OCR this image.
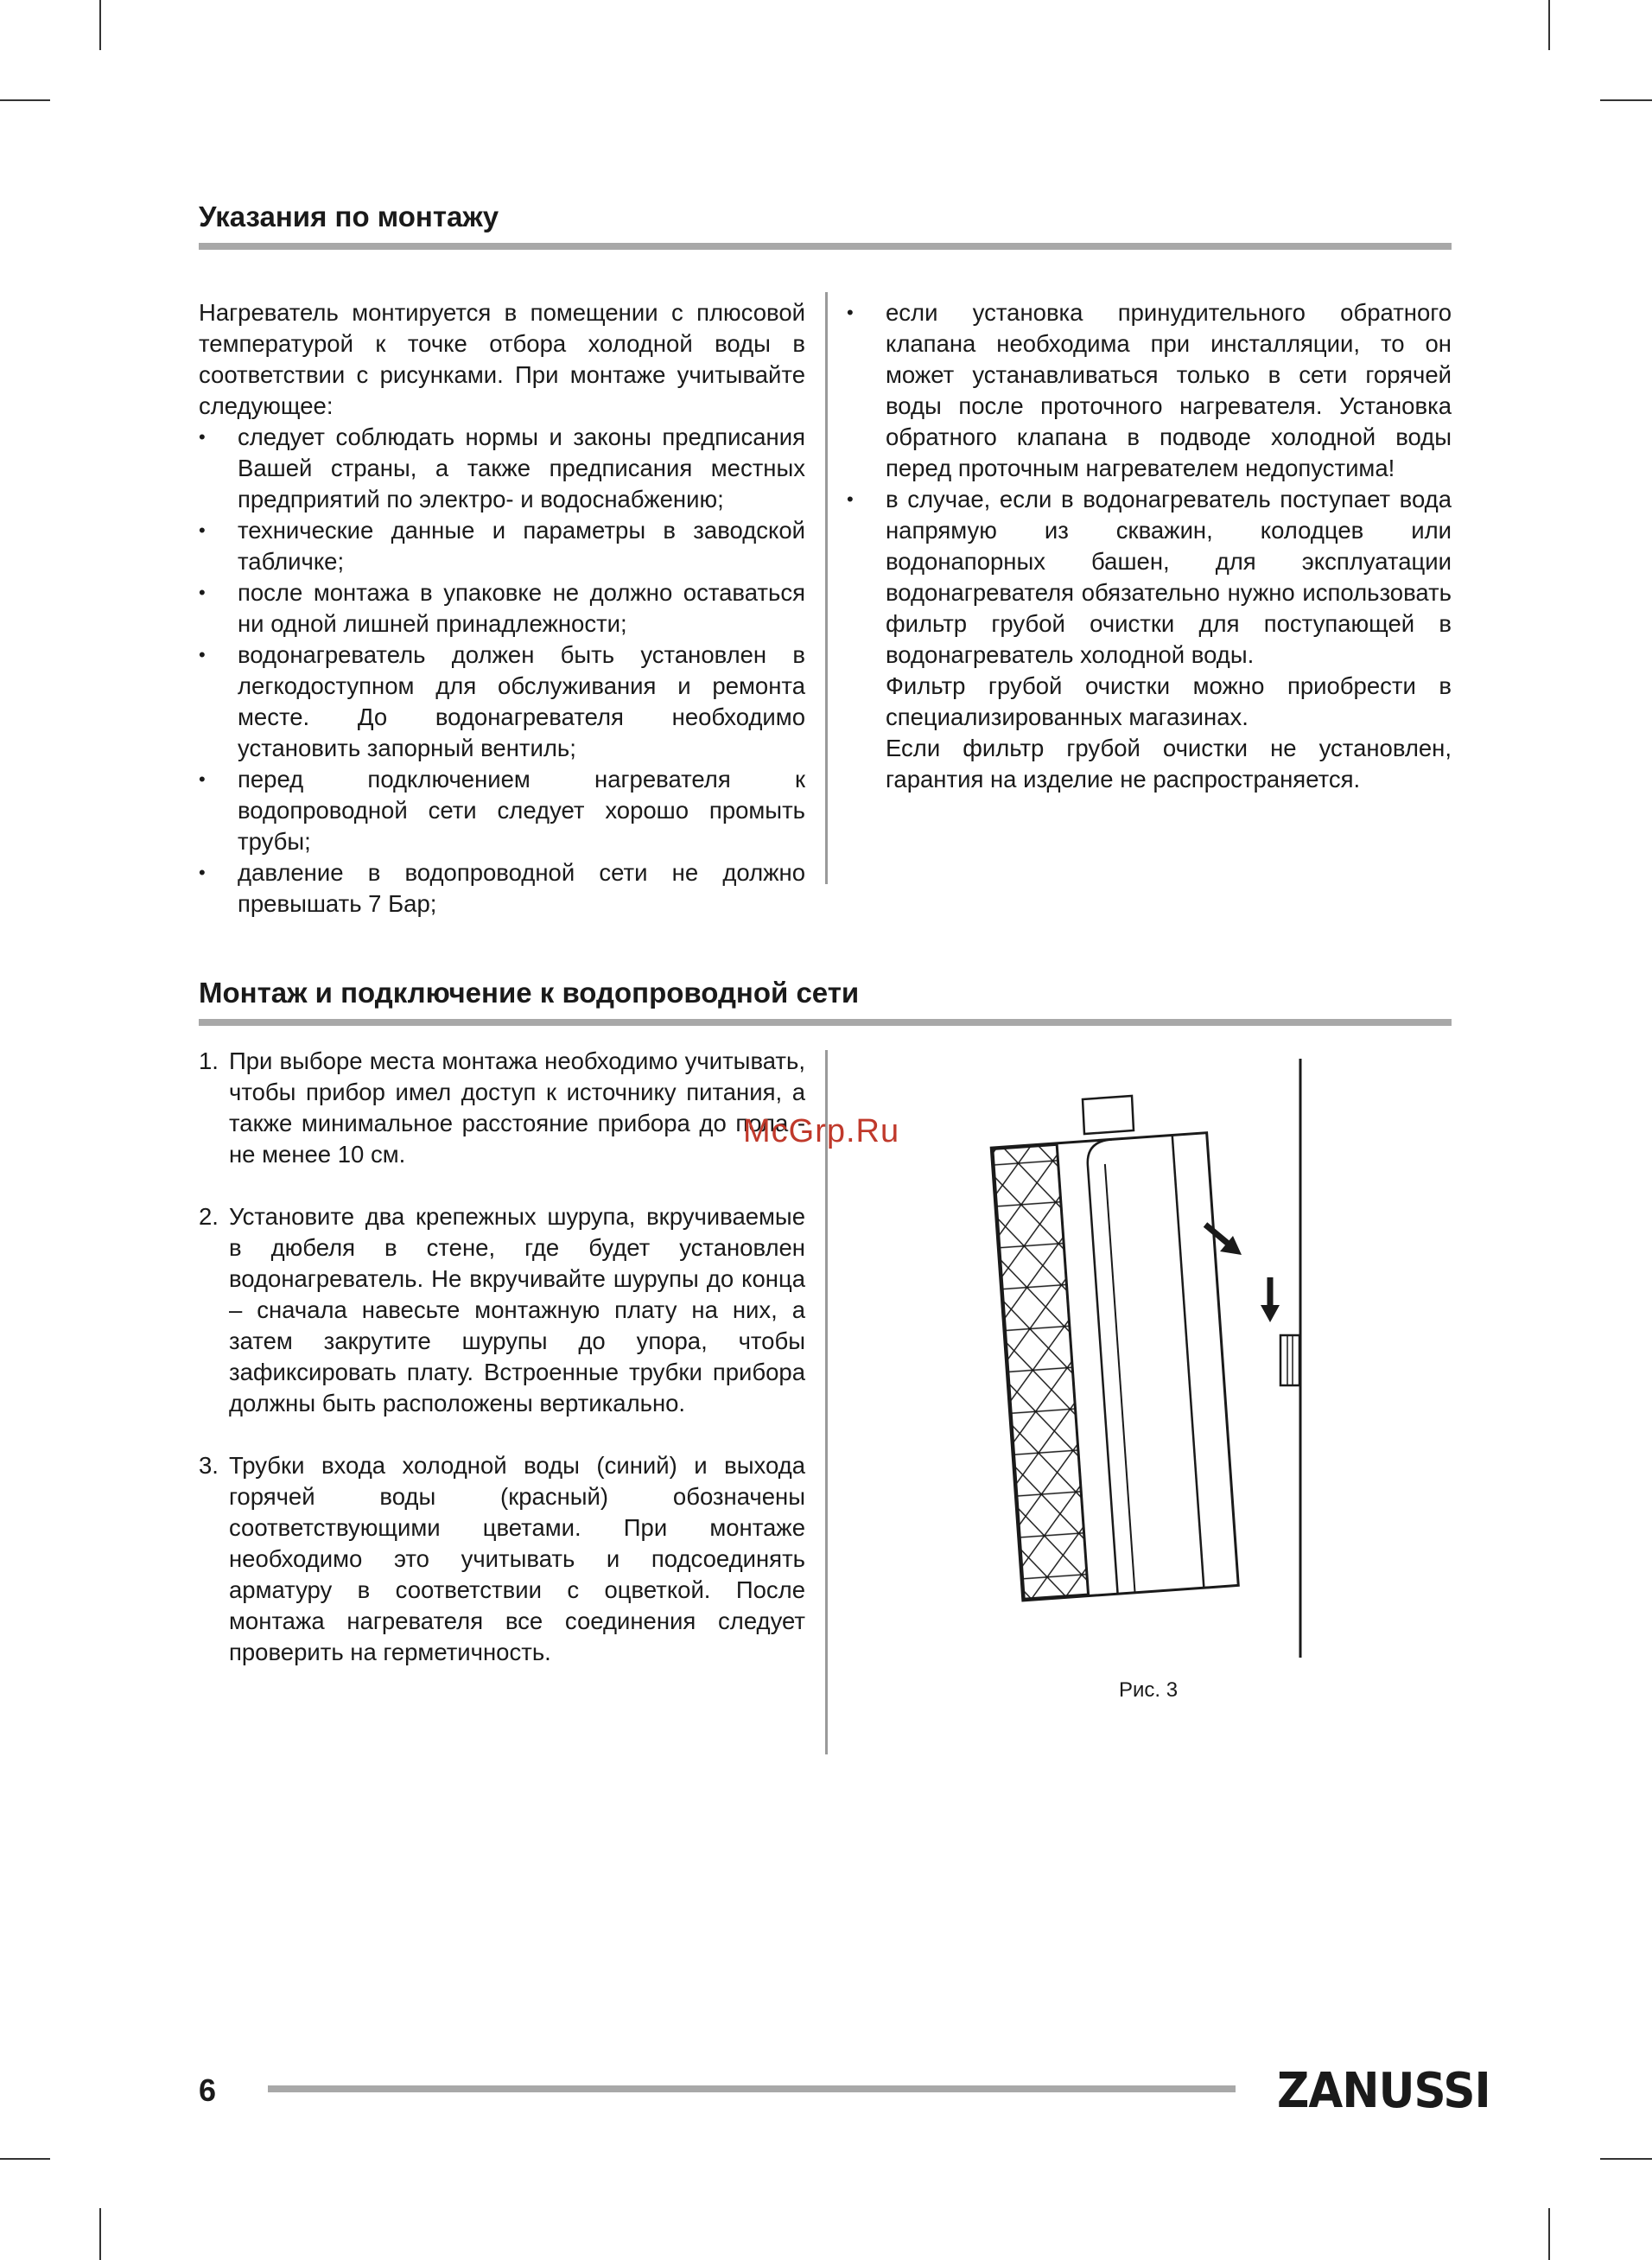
Указания по монтажу

Нагреватель монтируется в помещении с плюсовой температурой к точке отбора холодной воды в соответствии с рисунками. При монтаже учитывайте следующее:

• следует соблюдать нормы и законы предписания Вашей страны, а также предписания местных предприятий по электро- и водоснабжению;
• технические данные и параметры в заводской табличке;
• после монтажа в упаковке не должно оставаться ни одной лишней принадлежности;
• водонагреватель должен быть установлен в легкодоступном для обслуживания и ремонта месте. До водонагревателя необходимо установить запорный вентиль;
• перед подключением нагревателя к водопроводной сети следует хорошо промыть трубы;
• давление в водопроводной сети не должно превышать 7 Бар;
• если установка принудительного обратного клапана необходима при инсталляции, то он может устанавливаться только в сети горячей воды после проточного нагревателя. Установка обратного клапана в подводе холодной воды перед проточным нагревателем недопустима!
• в случае, если в водонагреватель поступает вода напрямую из скважин, колодцев или водонапорных башен, для эксплуатации водонагревателя обязательно нужно использовать фильтр грубой очистки для поступающей в водонагреватель холодной воды.

Фильтр грубой очистки можно приобрести в специализированных магазинах.

Если фильтр грубой очистки не установлен, гарантия на изделие не распространяется.

Монтаж и подключение к водопроводной сети
1. При выборе места монтажа необходимо учитывать, чтобы прибор имел доступ к источнику питания, а также минимальное расстояние прибора до пола - не менее 10 см.
2. Установите два крепежных шурупа, вкручиваемые в дюбеля в стене, где будет установлен водонагреватель. Не вкручивайте шурупы до конца – сначала навесьте монтажную плату на них, а затем закрутите шурупы до упора, чтобы зафиксировать плату. Встроенные трубки прибора должны быть расположены вертикально.
3. Трубки входа холодной воды (синий) и выхода горячей воды (красный) обозначены соответствующими цветами. При монтаже необходимо это учитывать и подсоединять арматуру в соответствии с оцветкой. После монтажа нагревателя все соединения следует проверить на герметичность.
McGrp.Ru
Рис. 3
6	ZANUSSI
